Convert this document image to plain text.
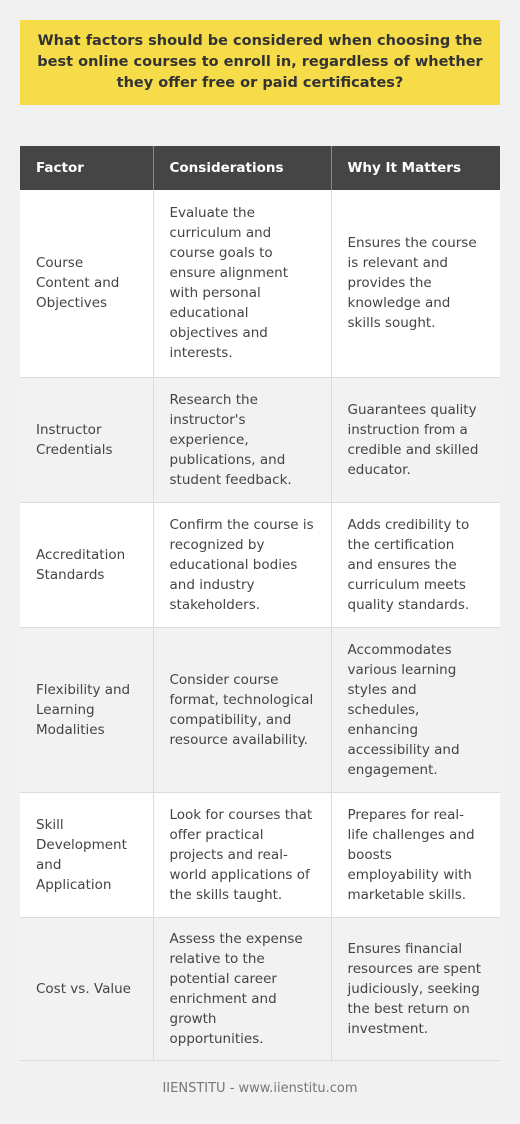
What factors should be considered when choosing the best online courses to enroll in, regardless of whether they offer free or paid certificates?
Factor	Considerations	Why It Matters
Course Content and Objectives	Evaluate the curriculum and course goals to ensure alignment with personal educational objectives and interests.	Ensures the course is relevant and provides the knowledge and skills sought.
Instructor Credentials	Research the instructor's experience, publications, and student feedback.	Guarantees quality instruction from a credible and skilled educator.
Accreditation Standards	Confirm the course is recognized by educational bodies and industry stakeholders.	Adds credibility to the certification and ensures the curriculum meets quality standards.
Flexibility and Learning Modalities	Consider course format, technological compatibility, and resource availability.	Accommodates various learning styles and schedules, enhancing accessibility and engagement.
Skill Development and Application	Look for courses that offer practical projects and real-world applications of the skills taught.	Prepares for real-life challenges and boosts employability with marketable skills.
Cost vs. Value	Assess the expense relative to the potential career enrichment and growth opportunities.	Ensures financial resources are spent judiciously, seeking the best return on investment.
IIENSTITU - www.iienstitu.com
